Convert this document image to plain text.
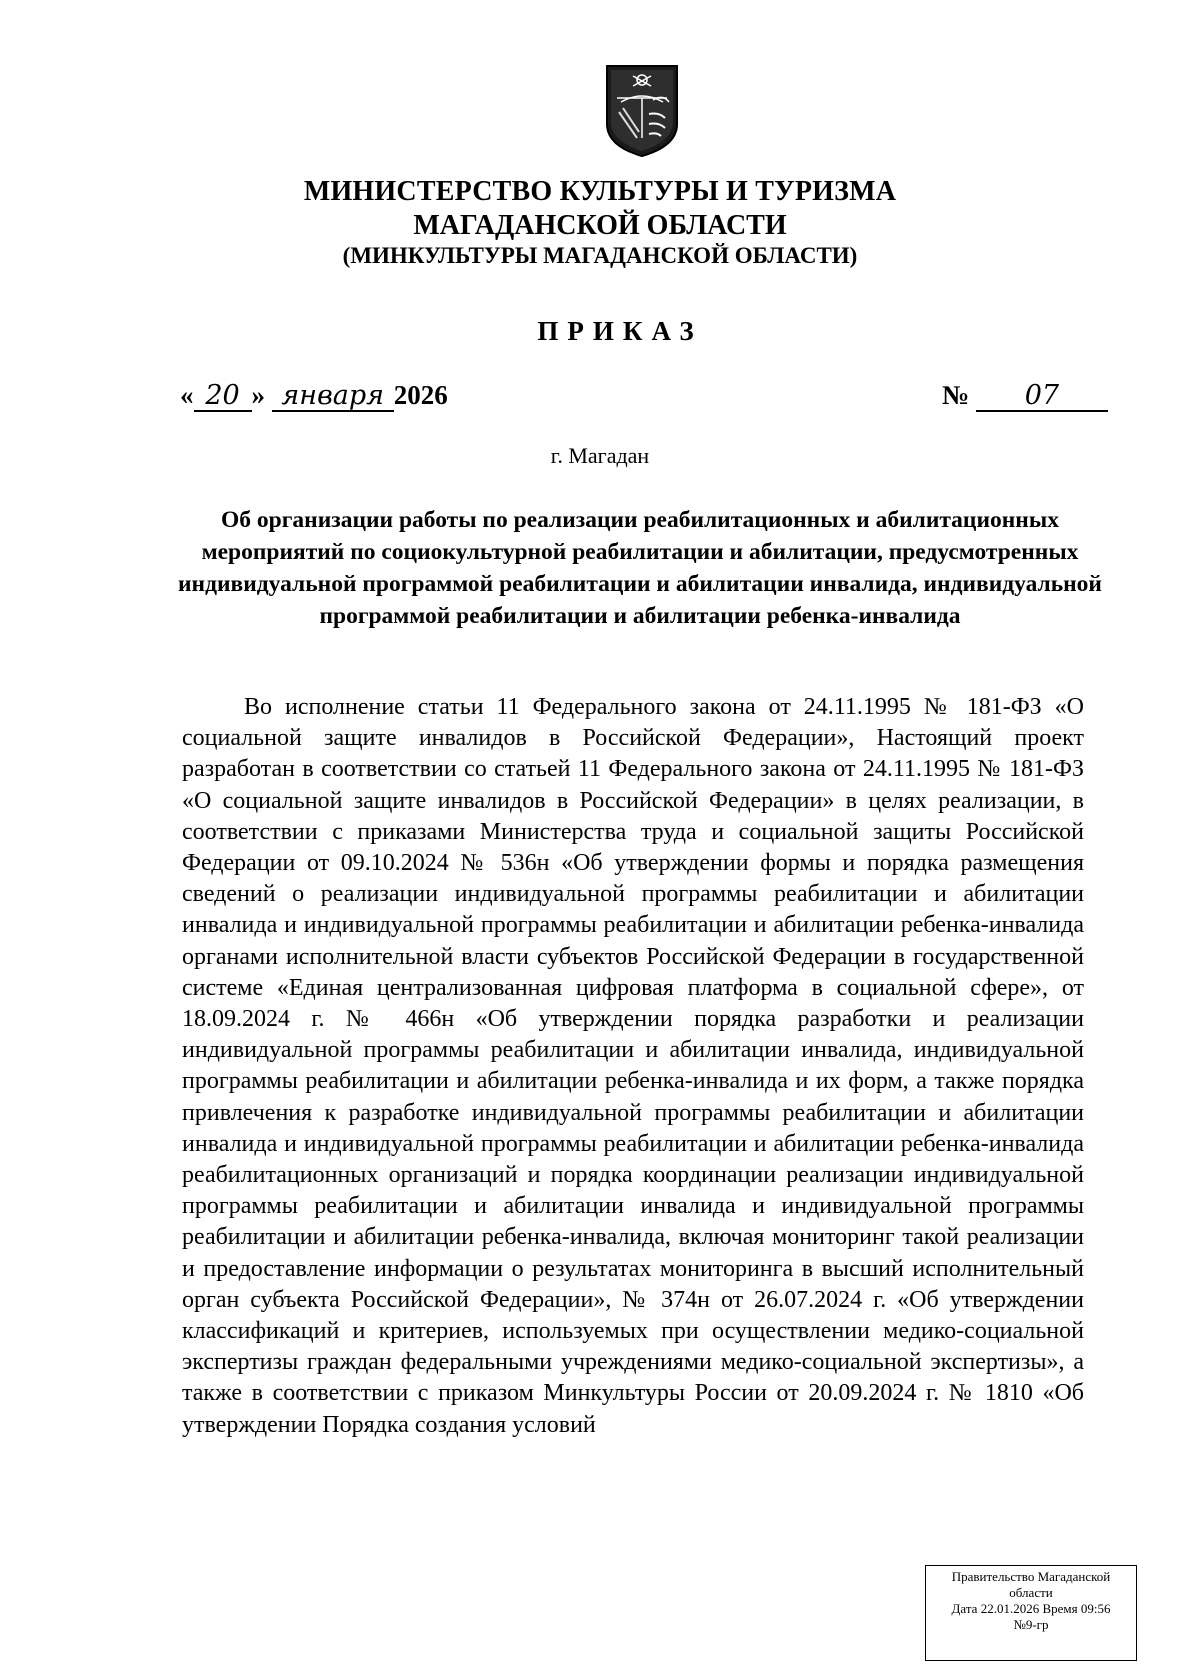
МИНИСТЕРСТВО КУЛЬТУРЫ И ТУРИЗМА
МАГАДАНСКОЙ ОБЛАСТИ
(МИНКУЛЬТУРЫ МАГАДАНСКОЙ ОБЛАСТИ)
ПРИКАЗ
« 20 » января 2026	№ 07
г. Магадан
Об организации работы по реализации реабилитационных и абилитационных мероприятий по социокультурной реабилитации и абилитации, предусмотренных индивидуальной программой реабилитации и абилитации инвалида, индивидуальной программой реабилитации и абилитации ребенка-инвалида

Во исполнение статьи 11 Федерального закона от 24.11.1995 № 181-ФЗ «О социальной защите инвалидов в Российской Федерации», Настоящий проект разработан в соответствии со статьей 11 Федерального закона от 24.11.1995 № 181-ФЗ «О социальной защите инвалидов в Российской Федерации» в целях реализации, в соответствии с приказами Министерства труда и социальной защиты Российской Федерации от 09.10.2024 № 536н «Об утверждении формы и порядка размещения сведений о реализации индивидуальной программы реабилитации и абилитации инвалида и индивидуальной программы реабилитации и абилитации ребенка-инвалида органами исполнительной власти субъектов Российской Федерации в государственной системе «Единая централизованная цифровая платформа в социальной сфере», от 18.09.2024 г. № 466н «Об утверждении порядка разработки и реализации индивидуальной программы реабилитации и абилитации инвалида, индивидуальной программы реабилитации и абилитации ребенка-инвалида и их форм, а также порядка привлечения к разработке индивидуальной программы реабилитации и абилитации инвалида и индивидуальной программы реабилитации и абилитации ребенка-инвалида реабилитационных организаций и порядка координации реализации индивидуальной программы реабилитации и абилитации инвалида и индивидуальной программы реабилитации и абилитации ребенка-инвалида, включая мониторинг такой реализации и предоставление информации о результатах мониторинга в высший исполнительный орган субъекта Российской Федерации», № 374н от 26.07.2024 г. «Об утверждении классификаций и критериев, используемых при осуществлении медико-социальной экспертизы граждан федеральными учреждениями медико-социальной экспертизы», а также в соответствии с приказом Минкультуры России от 20.09.2024 г. № 1810 «Об утверждении Порядка создания условий

Правительство Магаданской
области
Дата 22.01.2026 Время 09:56
№9-гр
